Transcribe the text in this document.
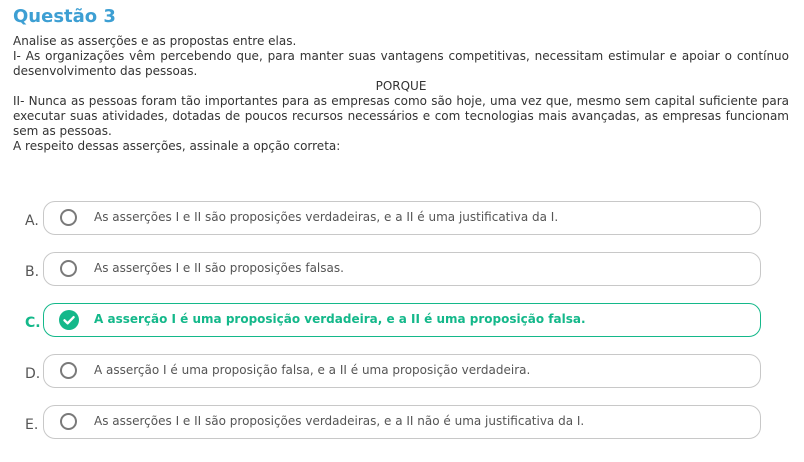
Questão 3

Analise as asserções e as propostas entre elas.

I- As organizações vêm percebendo que, para manter suas vantagens competitivas, necessitam estimular e apoiar o contínuo desenvolvimento das pessoas.

PORQUE

II- Nunca as pessoas foram tão importantes para as empresas como são hoje, uma vez que, mesmo sem capital suficiente para executar suas atividades, dotadas de poucos recursos necessários e com tecnologias mais avançadas, as empresas funcionam sem as pessoas.

A respeito dessas asserções, assinale a opção correta:

A.	As asserções I e II são proposições verdadeiras, e a II é uma justificativa da I.
B.	As asserções I e II são proposições falsas.
C.	A asserção I é uma proposição verdadeira, e a II é uma proposição falsa.
D.	A asserção I é uma proposição falsa, e a II é uma proposição verdadeira.
E.	As asserções I e II são proposições verdadeiras, e a II não é uma justificativa da I.
